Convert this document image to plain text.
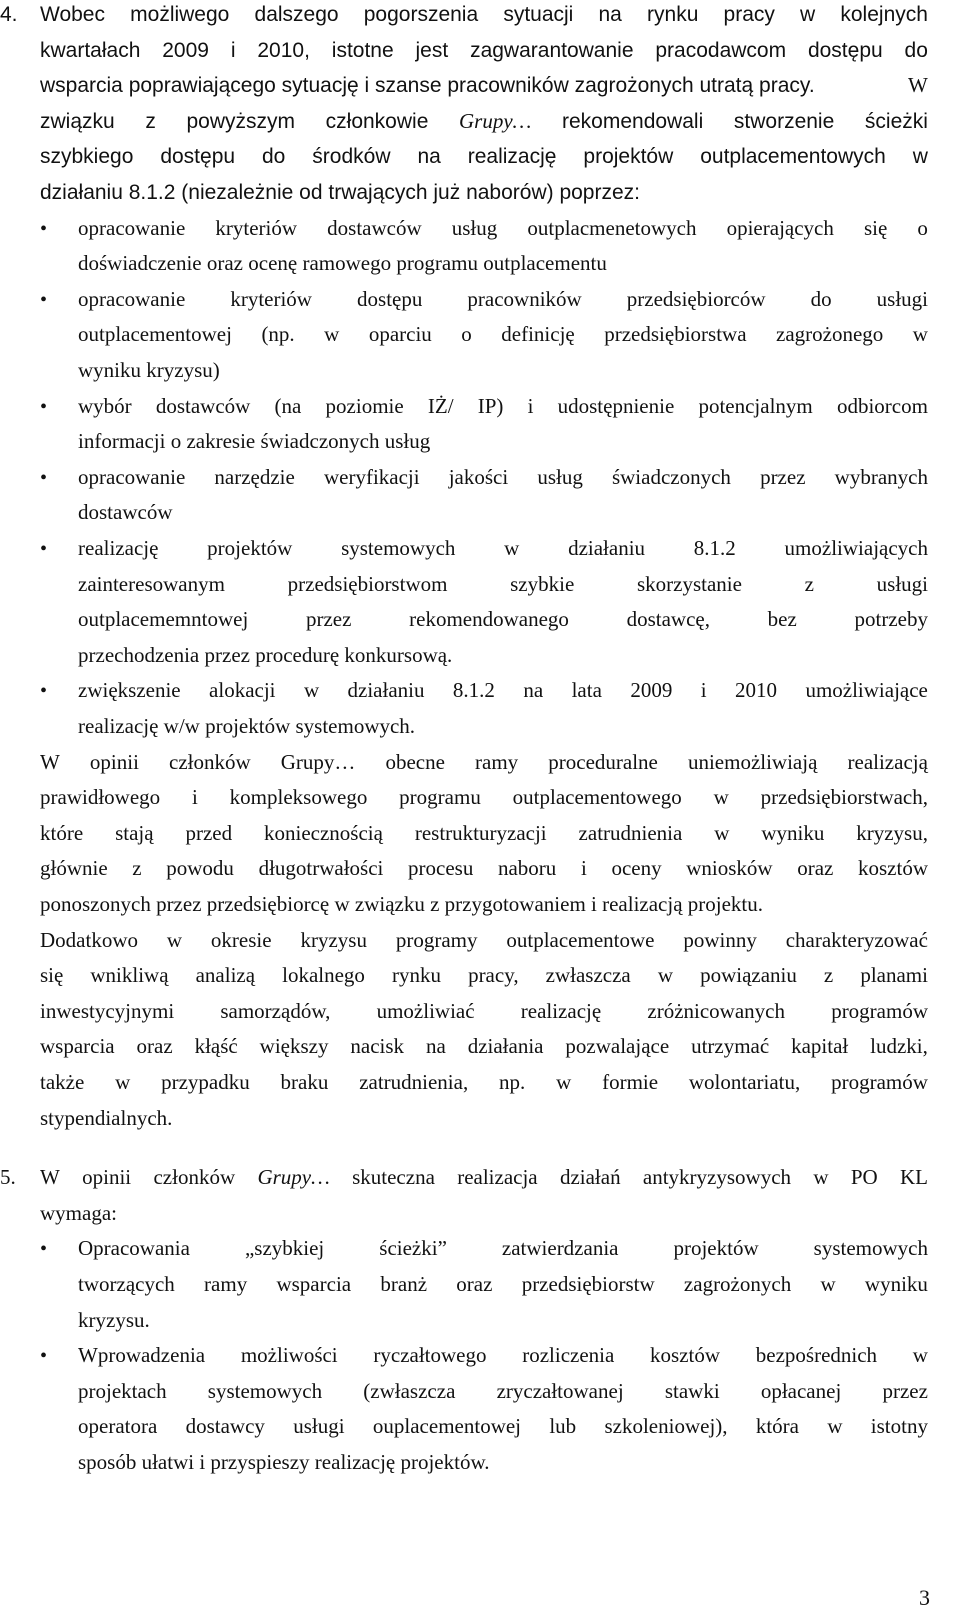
4. Wobec możliwego dalszego pogorszenia sytuacji na rynku pracy w kolejnych
kwartałach 2009 i 2010, istotne jest zagwarantowanie pracodawcom dostępu do
wsparcia poprawiającego sytuację i szanse pracowników zagrożonych utratą pracy.	W
związku z powyższym członkowie Grupy… rekomendowali stworzenie ścieżki
szybkiego dostępu do środków na realizację projektów outplacementowych w
działaniu 8.1.2 (niezależnie od trwających już naborów) poprzez:
• opracowanie kryteriów dostawców usług outplacmenetowych opierających się o
doświadczenie oraz ocenę ramowego programu outplacementu
• opracowanie kryteriów dostępu pracowników przedsiębiorców do usługi
outplacementowej (np. w oparciu o definicję przedsiębiorstwa zagrożonego w
wyniku kryzysu)
• wybór dostawców (na poziomie IŻ/ IP) i udostępnienie potencjalnym odbiorcom
informacji o zakresie świadczonych usług
• opracowanie narzędzie weryfikacji jakości usług świadczonych przez wybranych
dostawców
• realizację projektów systemowych w działaniu 8.1.2 umożliwiających
zainteresowanym	przedsiębiorstwom	szybkie	skorzystanie	z	usługi
outplacememntowej	przez	rekomendowanego	dostawcę,	bez	potrzeby
przechodzenia przez procedurę konkursową.
• zwiększenie alokacji w działaniu 8.1.2 na lata 2009 i 2010 umożliwiające
realizację w/w projektów systemowych.
W opinii członków Grupy… obecne ramy proceduralne uniemożliwiają realizacją
prawidłowego i kompleksowego programu outplacementowego w przedsiębiorstwach,
które stają przed koniecznością restrukturyzacji zatrudnienia w wyniku kryzysu,
głównie z powodu długotrwałości procesu naboru i oceny wniosków oraz kosztów
ponoszonych przez przedsiębiorcę w związku z przygotowaniem i realizacją projektu.
Dodatkowo w okresie kryzysu programy outplacementowe powinny charakteryzować
się wnikliwą analizą lokalnego rynku pracy, zwłaszcza w powiązaniu z planami
inwestycyjnymi samorządów, umożliwiać realizację zróżnicowanych programów
wsparcia oraz kłąść większy nacisk na działania pozwalające utrzymać kapitał ludzki,
także w przypadku braku zatrudnienia, np. w formie wolontariatu, programów
stypendialnych.
5. W opinii członków Grupy… skuteczna realizacja działań antykryzysowych w PO KL
wymaga:
• Opracowania	„szybkiej	ścieżki”	zatwierdzania	projektów	systemowych
tworzących ramy wsparcia branż oraz przedsiębiorstw zagrożonych w wyniku
kryzysu.
• Wprowadzenia możliwości ryczałtowego rozliczenia kosztów bezpośrednich w
projektach systemowych (zwłaszcza zryczałtowanej stawki opłacanej przez
operatora dostawcy usługi ouplacementowej lub szkoleniowej), która w istotny
sposób ułatwi i przyspieszy realizację projektów.
3
